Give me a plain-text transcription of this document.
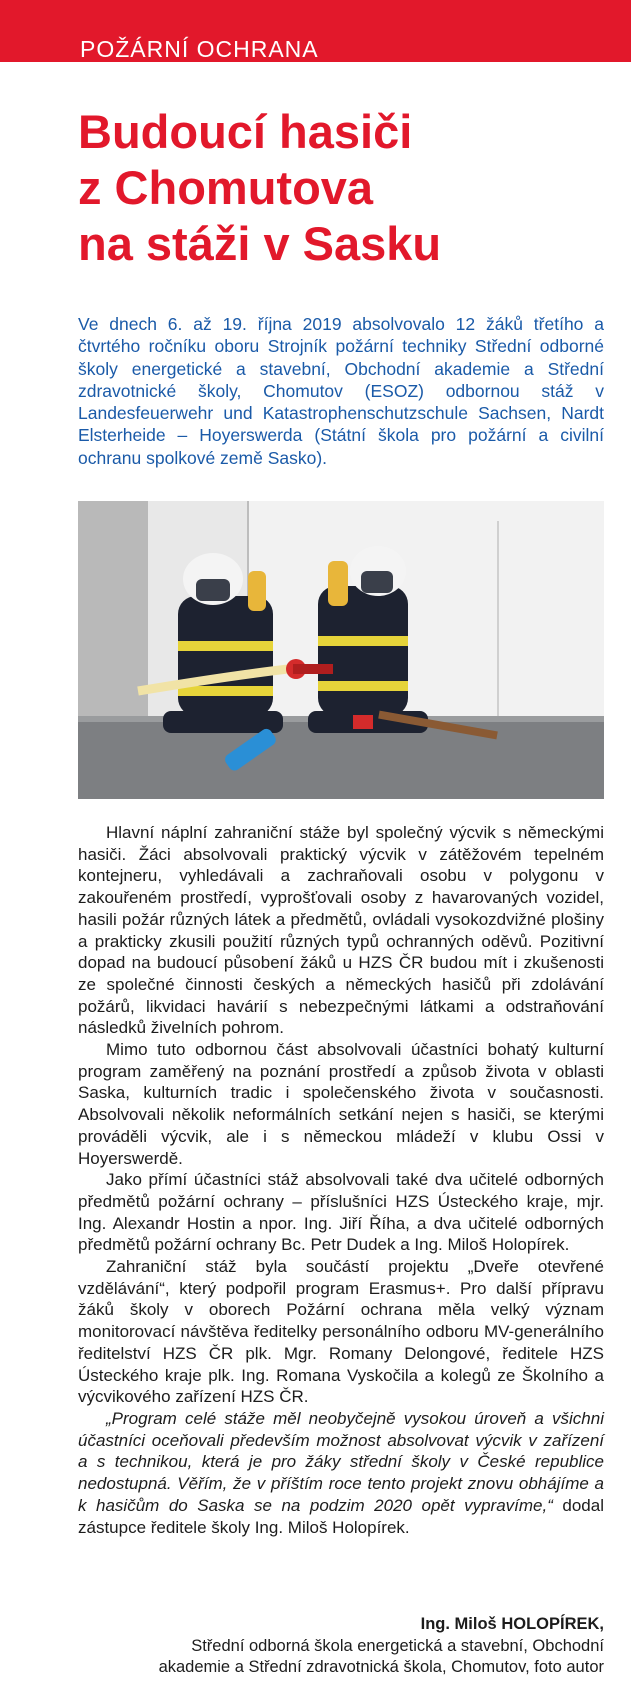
POŽÁRNÍ OCHRANA
Budoucí hasiči
z Chomutova
na stáži v Sasku

Ve dnech 6. až 19. října 2019 absolvovalo 12 žáků třetího a čtvrtého ročníku oboru Strojník požární techniky Střední odborné školy energetické a stavební, Obchodní akademie a Střední zdravotnické školy, Chomutov (ESOZ) odbornou stáž v Landesfeuerwehr und Katastrophenschutzschule Sachsen, Nardt Elsterheide – Hoyerswerda (Státní škola pro požární a civilní ochranu spolkové země Sasko).

Hlavní náplní zahraniční stáže byl společný výcvik s německými hasiči. Žáci absolvovali praktický výcvik v zátěžovém tepelném kontejneru, vyhledávali a zachraňovali osobu v polygonu v zakouřeném prostředí, vyprošťovali osoby z havarovaných vozidel, hasili požár různých látek a předmětů, ovládali vysokozdvižné plošiny a prakticky zkusili použití různých typů ochranných oděvů. Pozitivní dopad na budoucí působení žáků u HZS ČR budou mít i zkušenosti ze společné činnosti českých a německých hasičů při zdolávání požárů, likvidaci havárií s nebezpečnými látkami a odstraňování následků živelních pohrom.

Mimo tuto odbornou část absolvovali účastníci bohatý kulturní program zaměřený na poznání prostředí a způsob života v oblasti Saska, kulturních tradic i společenského života v současnosti. Absolvovali několik neformálních setkání nejen s hasiči, se kterými prováděli výcvik, ale i s německou mládeží v klubu Ossi v Hoyerswerdě.

Jako přímí účastníci stáž absolvovali také dva učitelé odborných předmětů požární ochrany – příslušníci HZS Ústeckého kraje, mjr. Ing. Alexandr Hostin a npor. Ing. Jiří Říha, a dva učitelé odborných předmětů požární ochrany Bc. Petr Dudek a Ing. Miloš Holopírek.

Zahraniční stáž byla součástí projektu „Dveře otevřené vzdělávání“, který podpořil program Erasmus+. Pro další přípravu žáků školy v oborech Požární ochrana měla velký význam monitorovací návštěva ředitelky personálního odboru MV-generálního ředitelství HZS ČR plk. Mgr. Romany Delongové, ředitele HZS Ústeckého kraje plk. Ing. Romana Vyskočila a kolegů ze Školního a výcvikového zařízení HZS ČR.

„Program celé stáže měl neobyčejně vysokou úroveň a všichni účastníci oceňovali především možnost absolvovat výcvik v zařízení a s technikou, která je pro žáky střední školy v České republice nedostupná. Věřím, že v příštím roce tento projekt znovu obhájíme a k hasičům do Saska se na podzim 2020 opět vypravíme,“ dodal zástupce ředitele školy Ing. Miloš Holopírek.

Ing. Miloš HOLOPÍREK,
Střední odborná škola energetická a stavební, Obchodní
akademie a Střední zdravotnická škola, Chomutov, foto autor
